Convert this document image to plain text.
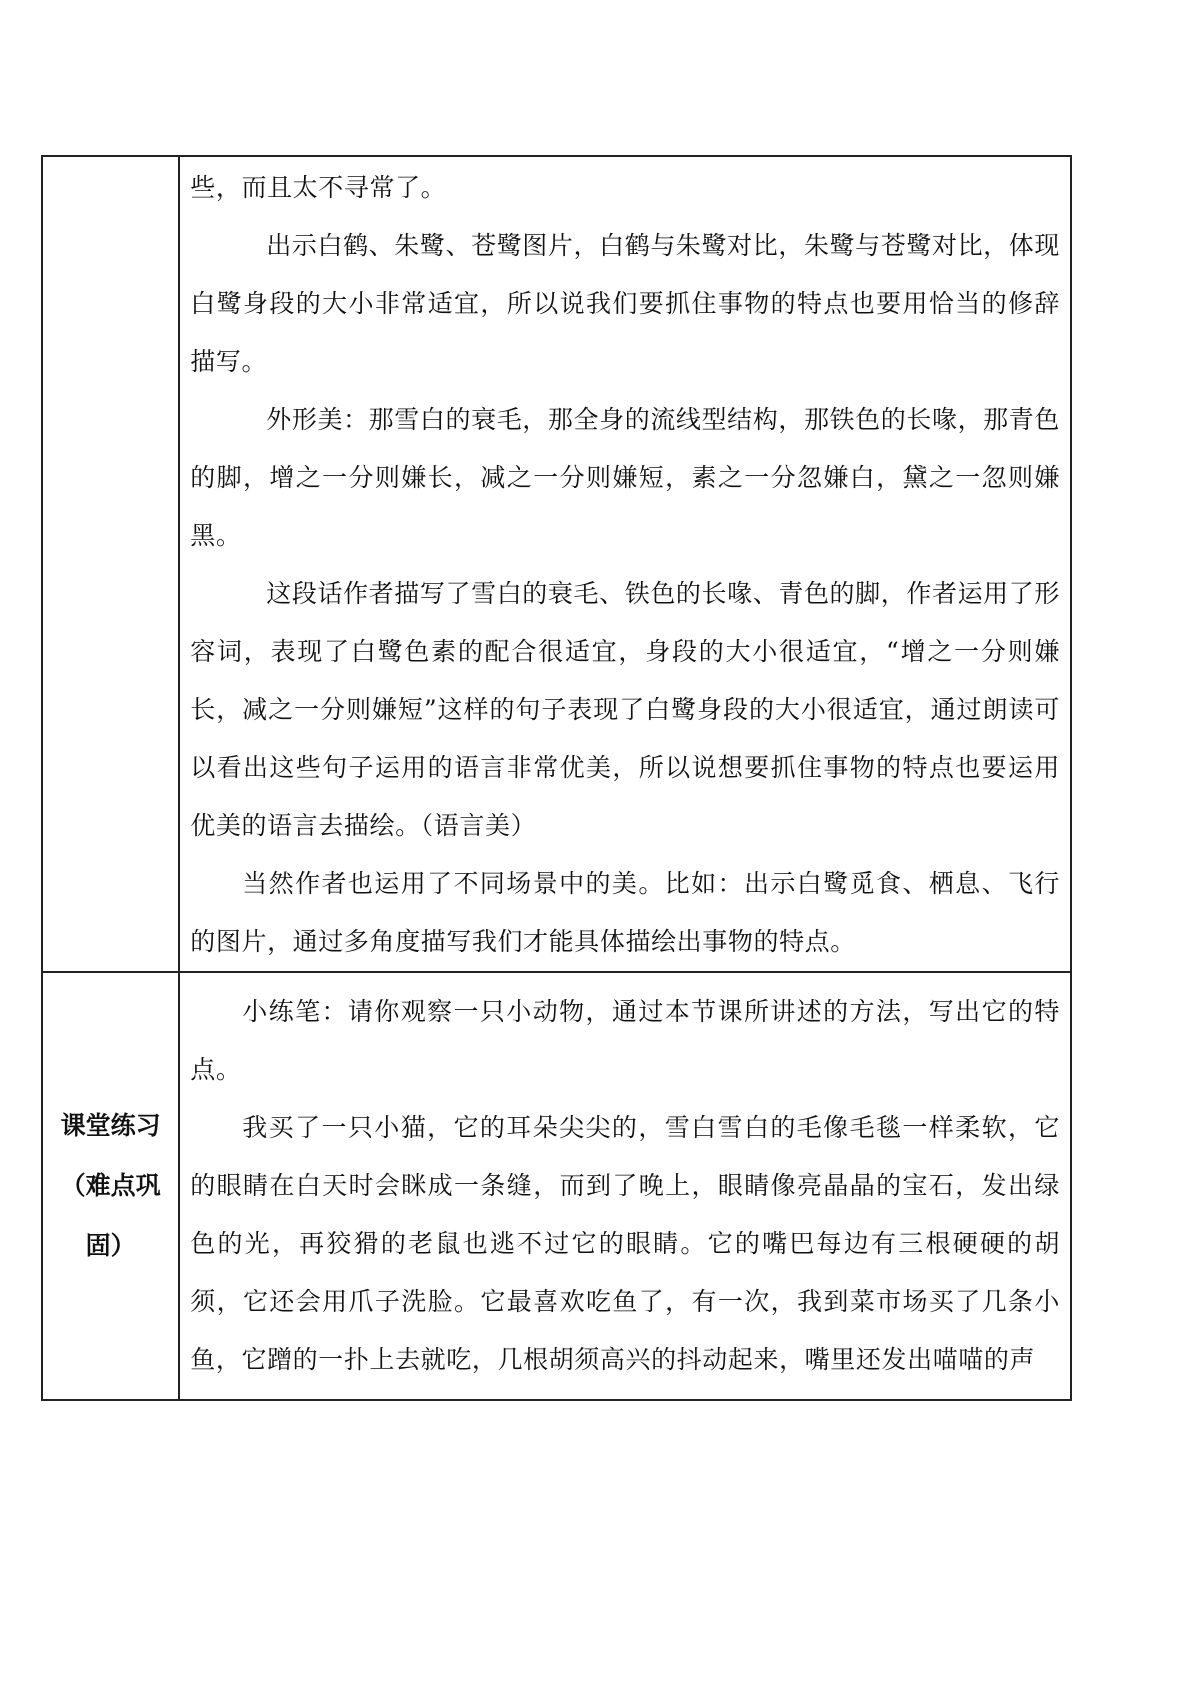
	些，而且太不寻常了。

出示白鹤、朱鹭、苍鹭图片，白鹤与朱鹭对比，朱鹭与苍鹭对比，体现白鹭身段的大小非常适宜，所以说我们要抓住事物的特点也要用恰当的修辞描写。

外形美：那雪白的衰毛，那全身的流线型结构，那铁色的长喙，那青色的脚，增之一分则嫌长，减之一分则嫌短，素之一分忽嫌白，黛之一忽则嫌黑。

这段话作者描写了雪白的衰毛、铁色的长喙、青色的脚，作者运用了形容词，表现了白鹭色素的配合很适宜，身段的大小很适宜，“增之一分则嫌长，减之一分则嫌短”这样的句子表现了白鹭身段的大小很适宜，通过朗读可以看出这些句子运用的语言非常优美，所以说想要抓住事物的特点也要运用优美的语言去描绘。（语言美）

当然作者也运用了不同场景中的美。比如：出示白鹭觅食、栖息、飞行的图片，通过多角度描写我们才能具体描绘出事物的特点。

课堂练习（难点巩固）	小练笔：请你观察一只小动物，通过本节课所讲述的方法，写出它的特点。

我买了一只小猫，它的耳朵尖尖的，雪白雪白的毛像毛毯一样柔软，它的眼睛在白天时会眯成一条缝，而到了晚上，眼睛像亮晶晶的宝石，发出绿色的光，再狡猾的老鼠也逃不过它的眼睛。它的嘴巴每边有三根硬硬的胡须，它还会用爪子洗脸。它最喜欢吃鱼了，有一次，我到菜市场买了几条小鱼，它蹭的一扑上去就吃，几根胡须高兴的抖动起来，嘴里还发出喵喵的声
